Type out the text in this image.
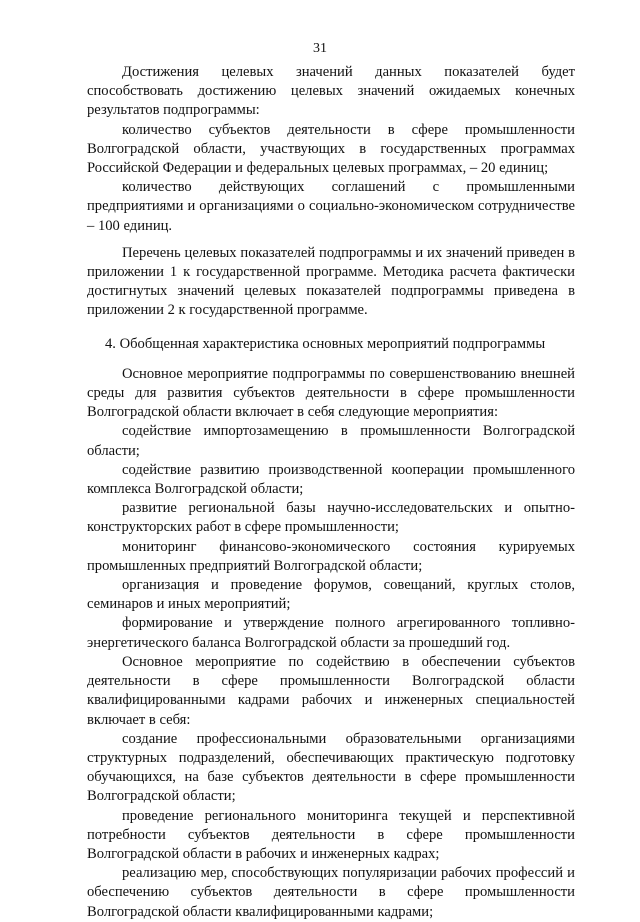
31

Достижения целевых значений данных показателей будет способствовать достижению целевых значений ожидаемых конечных результатов подпрограммы:

количество субъектов деятельности в сфере промышленности Волгоградской области, участвующих в государственных программах Российской Федерации и федеральных целевых программах, – 20 единиц;

количество действующих соглашений с промышленными предприятиями и организациями о социально-экономическом сотрудничестве – 100 единиц.

Перечень целевых показателей подпрограммы и их значений приведен в приложении 1 к государственной программе. Методика расчета фактически достигнутых значений целевых показателей подпрограммы приведена в приложении 2 к государственной программе.

4. Обобщенная характеристика основных мероприятий подпрограммы

Основное мероприятие подпрограммы по совершенствованию внешней среды для развития субъектов деятельности в сфере промышленности Волгоградской области включает в себя следующие мероприятия:

содействие импортозамещению в промышленности Волгоградской области;

содействие развитию производственной кооперации промышленного комплекса Волгоградской области;

развитие региональной базы научно-исследовательских и опытно-конструкторских работ в сфере промышленности;

мониторинг финансово-экономического состояния курируемых промышленных предприятий Волгоградской области;

организация и проведение форумов, совещаний, круглых столов, семинаров и иных мероприятий;

формирование и утверждение полного агрегированного топливно-энергетического баланса Волгоградской области за прошедший год.

Основное мероприятие по содействию в обеспечении субъектов деятельности в сфере промышленности Волгоградской области квалифицированными кадрами рабочих и инженерных специальностей включает в себя:

создание профессиональными образовательными организациями структурных подразделений, обеспечивающих практическую подготовку обучающихся, на базе субъектов деятельности в сфере промышленности Волгоградской области;

проведение регионального мониторинга текущей и перспективной потребности субъектов деятельности в сфере промышленности Волгоградской области в рабочих и инженерных кадрах;

реализацию мер, способствующих популяризации рабочих профессий и обеспечению субъектов деятельности в сфере промышленности Волгоградской области квалифицированными кадрами;
